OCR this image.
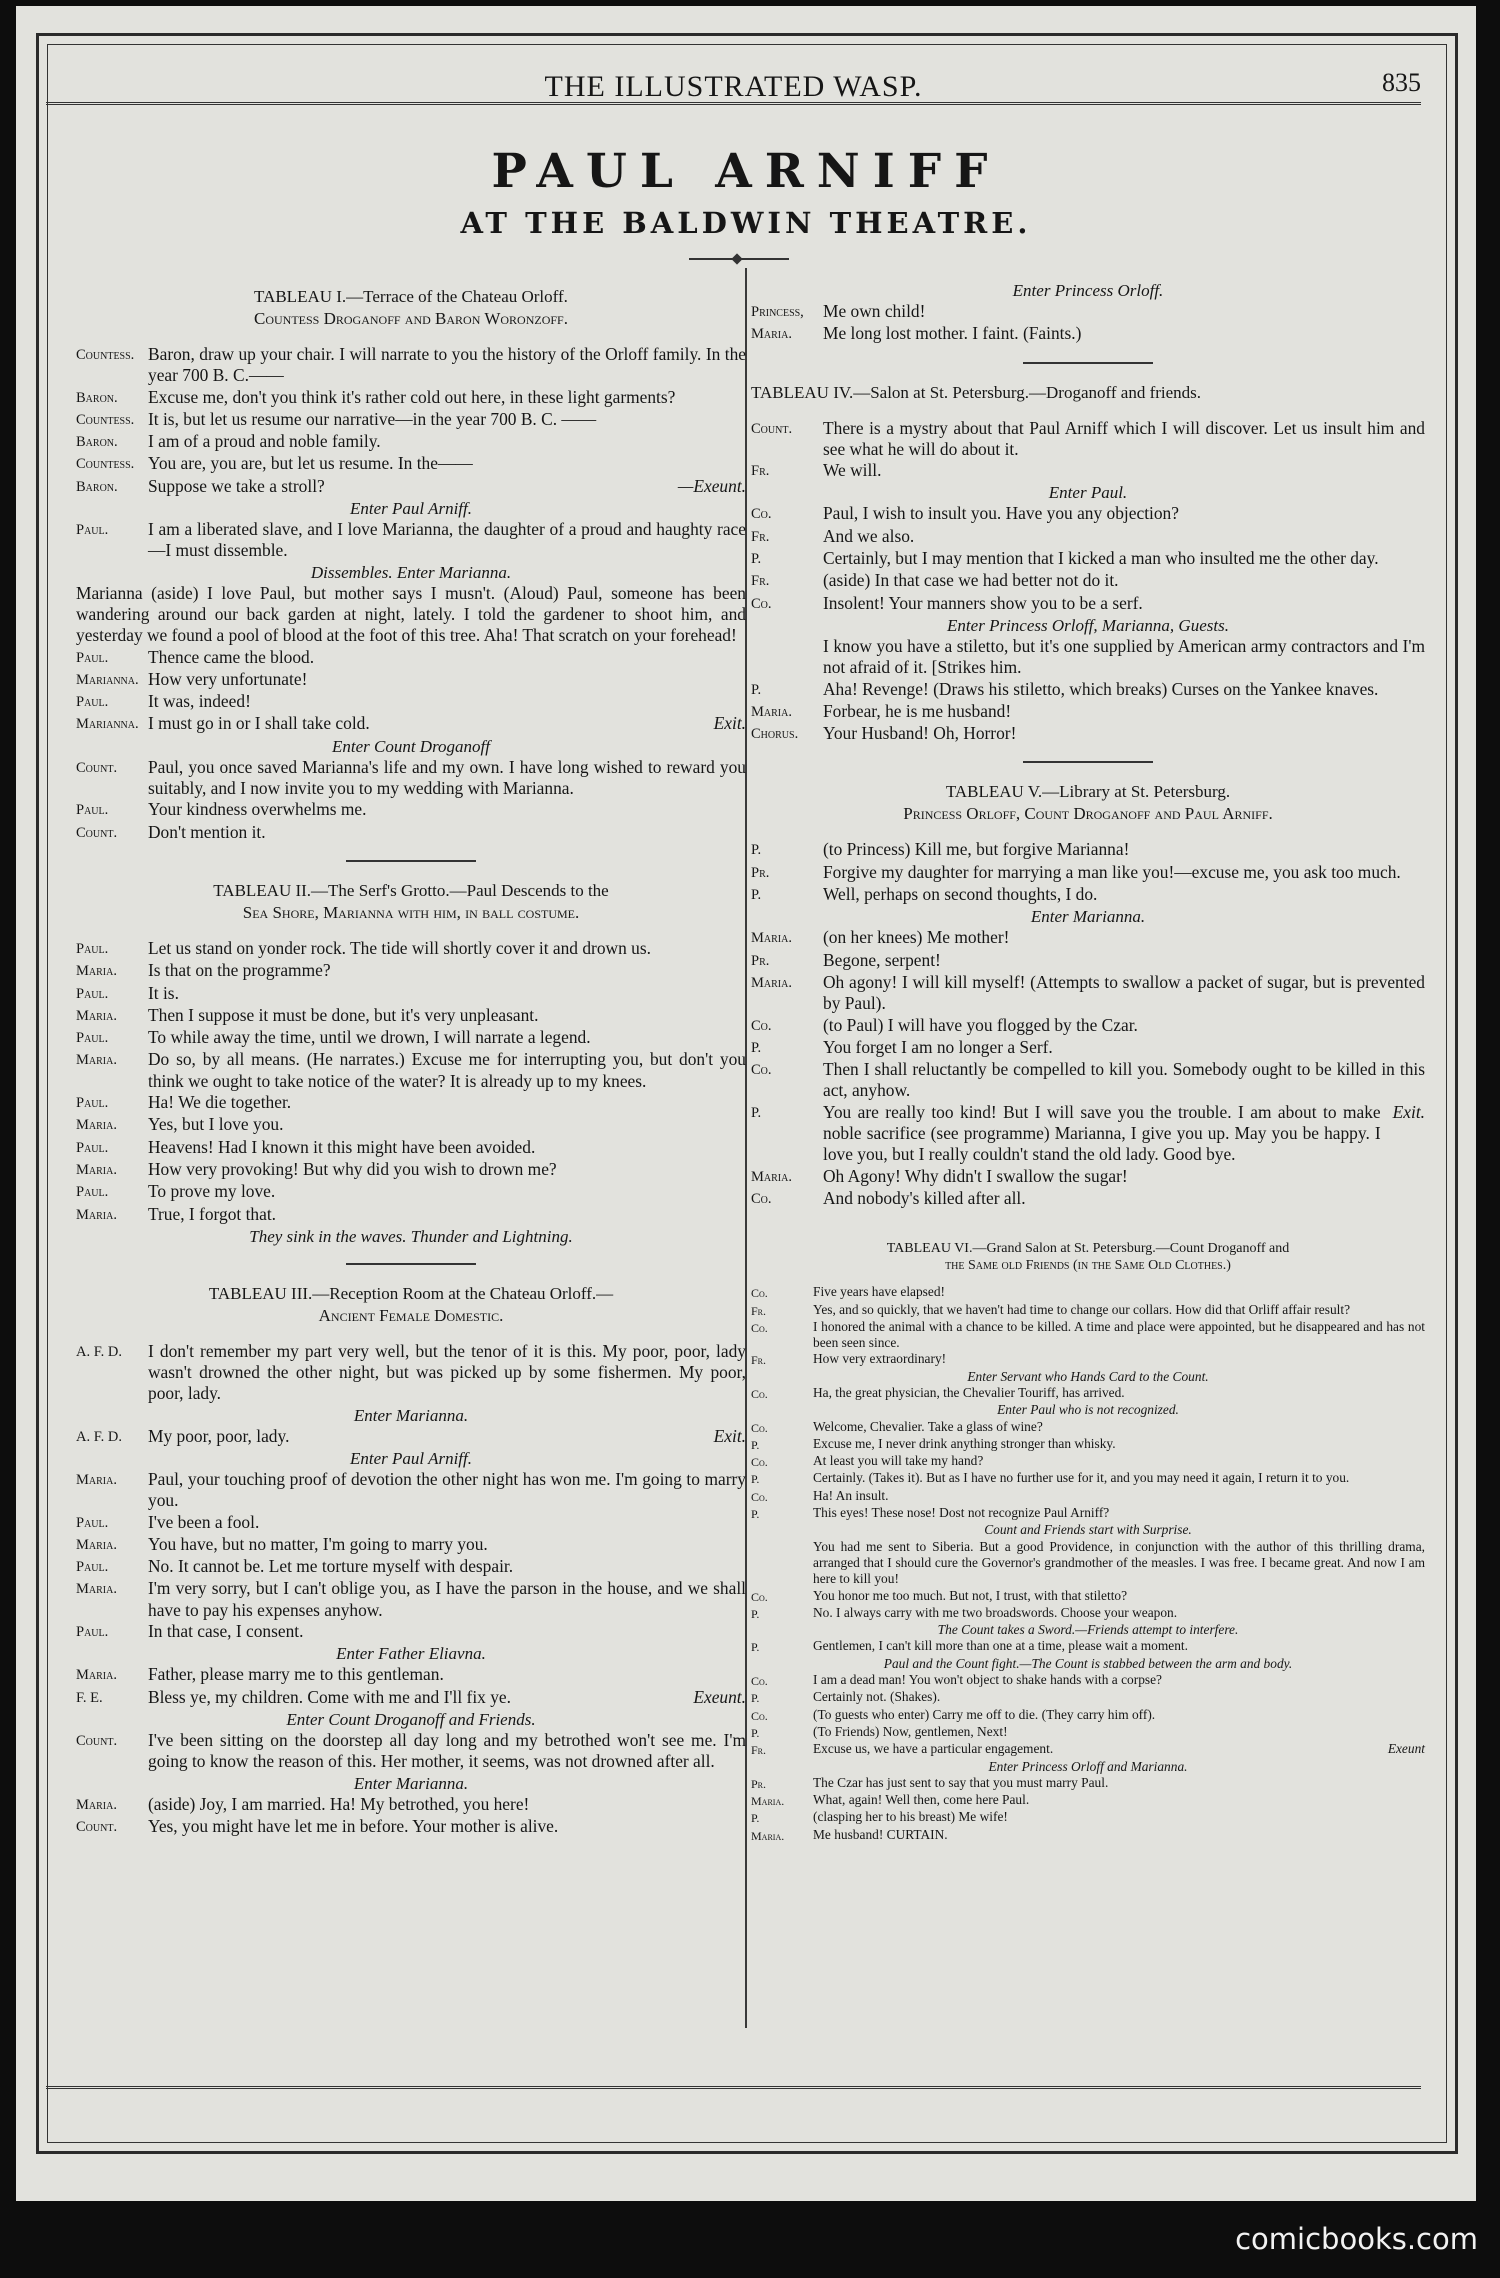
THE ILLUSTRATED WASP.	835
PAUL ARNIFF
AT THE BALDWIN THEATRE.
TABLEAU I.—Terrace of the Chateau Orloff.
Countess Droganoff and Baron Woronzoff.
Countess. Baron, draw up your chair. I will narrate to you the history of the Orloff family. In the year 700 B. C.——
Baron.	Excuse me, don't you think it's rather cold out here, in these light garments?
Countess. It is, but let us resume our narrative—in the year 700 B. C. ——
Baron.	I am of a proud and noble family.
Countess. You are, you are, but let us resume. In the——
Baron.	Suppose we take a stroll?	—Exeunt.
Enter Paul Arniff.
Paul.	I am a liberated slave, and I love Marianna, the daughter of a proud and haughty race—I must dissemble.
Dissembles. Enter Marianna.
Marianna (aside) I love Paul, but mother says I musn't. (Aloud) Paul, someone has been wandering around our back garden at night, lately. I told the gardener to shoot him, and yesterday we found a pool of blood at the foot of this tree. Aha! That scratch on your forehead!
Paul.	Thence came the blood.
Marianna. How very unfortunate!
Paul.	It was, indeed!
Marianna. I must go in or I shall take cold.	Exit.
Enter Count Droganoff
Count.	Paul, you once saved Marianna's life and my own. I have long wished to reward you suitably, and I now invite you to my wedding with Marianna.
Paul.	Your kindness overwhelms me.
Count.	Don't mention it.
TABLEAU II.—The Serf's Grotto.—Paul Descends to the
Sea Shore, Marianna with him, in ball costume.
Paul.	Let us stand on yonder rock. The tide will shortly cover it and drown us.
Maria.	Is that on the programme?
Paul.	It is.
Maria.	Then I suppose it must be done, but it's very unpleasant.
Paul.	To while away the time, until we drown, I will narrate a legend.
Maria.	Do so, by all means. (He narrates.) Excuse me for interrupting you, but don't you think we ought to take notice of the water? It is already up to my knees.
Paul.	Ha! We die together.
Maria.	Yes, but I love you.
Paul.	Heavens! Had I known it this might have been avoided.
Maria.	How very provoking! But why did you wish to drown me?
Paul.	To prove my love.
Maria.	True, I forgot that.
They sink in the waves. Thunder and Lightning.
TABLEAU III.—Reception Room at the Chateau Orloff.—
Ancient Female Domestic.
A. F. D.	I don't remember my part very well, but the tenor of it is this. My poor, poor, lady wasn't drowned the other night, but was picked up by some fishermen. My poor, poor, lady.
Enter Marianna.
A. F. D.	My poor, poor, lady.	Exit.
Enter Paul Arniff.
Maria.	Paul, your touching proof of devotion the other night has won me. I'm going to marry you.
Paul.	I've been a fool.
Maria.	You have, but no matter, I'm going to marry you.
Paul.	No. It cannot be. Let me torture myself with despair.
Maria.	I'm very sorry, but I can't oblige you, as I have the parson in the house, and we shall have to pay his expenses anyhow.
Paul.	In that case, I consent.
Enter Father Eliavna.
Maria.	Father, please marry me to this gentleman.
F. E.	Bless ye, my children. Come with me and I'll fix ye.	Exeunt.
Enter Count Droganoff and Friends.
Count.	I've been sitting on the doorstep all day long and my betrothed won't see me. I'm going to know the reason of this. Her mother, it seems, was not drowned after all.
Enter Marianna.
Maria.	(aside) Joy, I am married. Ha! My betrothed, you here!
Count.	Yes, you might have let me in before. Your mother is alive.
Enter Princess Orloff.
Princess,	Me own child!
Maria.	Me long lost mother. I faint. (Faints.)
TABLEAU IV.—Salon at St. Petersburg.—Droganoff and friends.
Count.	There is a mystry about that Paul Arniff which I will discover. Let us insult him and see what he will do about it.
Fr.	We will.
Enter Paul.
Co.	Paul, I wish to insult you. Have you any objection?
Fr.	And we also.
P.	Certainly, but I may mention that I kicked a man who insulted me the other day.
Fr.	(aside) In that case we had better not do it.
Co.	Insolent! Your manners show you to be a serf.
Enter Princess Orloff, Marianna, Guests.
I know you have a stiletto, but it's one supplied by American army contractors and I'm not afraid of it. [Strikes him.
P.	Aha! Revenge! (Draws his stiletto, which breaks) Curses on the Yankee knaves.
Maria.	Forbear, he is me husband!
Chorus.	Your Husband! Oh, Horror!
TABLEAU V.—Library at St. Petersburg.
Princess Orloff, Count Droganoff and Paul Arniff.
P.	(to Princess) Kill me, but forgive Marianna!
Pr.	Forgive my daughter for marrying a man like you!—excuse me, you ask too much.
P.	Well, perhaps on second thoughts, I do.
Enter Marianna.
Maria.	(on her knees) Me mother!
Pr.	Begone, serpent!
Maria.	Oh agony! I will kill myself! (Attempts to swallow a packet of sugar, but is prevented by Paul).
Co.	(to Paul) I will have you flogged by the Czar.
P.	You forget I am no longer a Serf.
Co.	Then I shall reluctantly be compelled to kill you. Somebody ought to be killed in this act, anyhow.
P.	You are really too kind! But I will save you the trouble. I am about to make noble sacrifice (see programme) Marianna, I give you up. May you be happy. I love you, but I really couldn't stand the old lady. Good bye.
Exit.
Maria.	Oh Agony! Why didn't I swallow the sugar!
Co.	And nobody's killed after all.
TABLEAU VI.—Grand Salon at St. Petersburg.—Count Droganoff and
the Same old Friends (in the Same Old Clothes.)
Co.	Five years have elapsed!
Fr.	Yes, and so quickly, that we haven't had time to change our collars. How did that Orliff affair result?
Co.	I honored the animal with a chance to be killed. A time and place were appointed, but he disappeared and has not been seen since.
Fr.	How very extraordinary!
Enter Servant who Hands Card to the Count.
Co.	Ha, the great physician, the Chevalier Touriff, has arrived.
Enter Paul who is not recognized.
Co.	Welcome, Chevalier. Take a glass of wine?
P.	Excuse me, I never drink anything stronger than whisky.
Co.	At least you will take my hand?
P.	Certainly. (Takes it). But as I have no further use for it, and you may need it again, I return it to you.
Co.	Ha! An insult.
P.	This eyes! These nose! Dost not recognize Paul Arniff?
Count and Friends start with Surprise.
You had me sent to Siberia. But a good Providence, in conjunction with the author of this thrilling drama, arranged that I should cure the Governor's grandmother of the measles. I was free. I became great. And now I am here to kill you!
Co.	You honor me too much. But not, I trust, with that stiletto?
P.	No. I always carry with me two broadswords. Choose your weapon.
The Count takes a Sword.—Friends attempt to interfere.
P.	Gentlemen, I can't kill more than one at a time, please wait a moment.
Paul and the Count fight.—The Count is stabbed between the arm and body.
Co.	I am a dead man! You won't object to shake hands with a corpse?
P.	Certainly not. (Shakes).
Co.	(To guests who enter) Carry me off to die. (They carry him off).
P.	(To Friends) Now, gentlemen, Next!
Fr.	Excuse us, we have a particular engagement.	Exeunt
Enter Princess Orloff and Marianna.
Pr.	The Czar has just sent to say that you must marry Paul.
Maria.	What, again! Well then, come here Paul.
P.	(clasping her to his breast) Me wife!
Maria.	Me husband! CURTAIN.
comicbooks.com
